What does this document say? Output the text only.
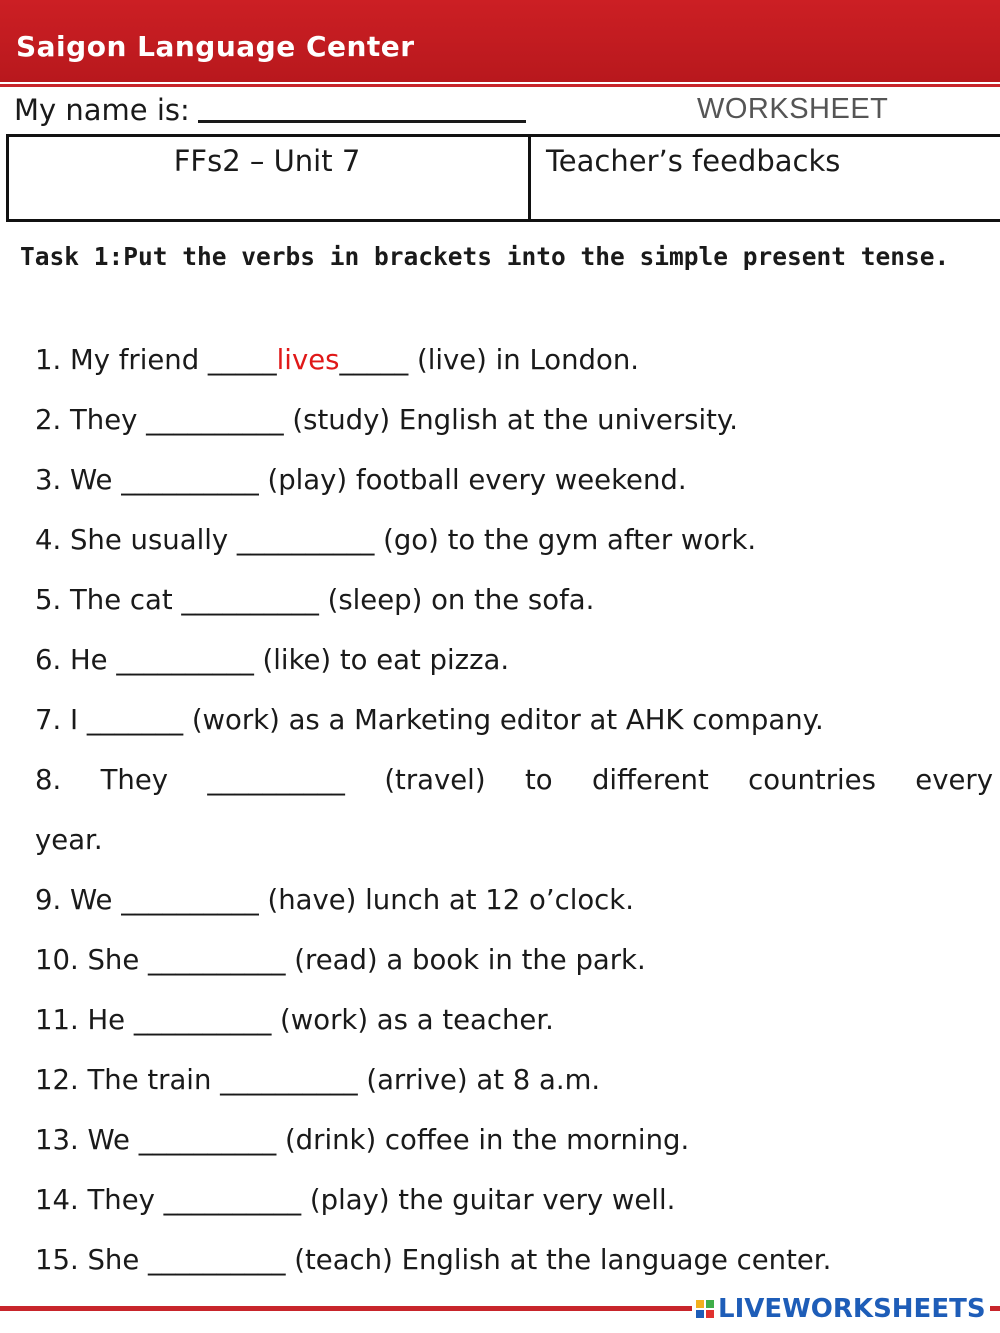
Saigon Language Center
My name is:	WORKSHEET
FFs2 – Unit 7	Teacher’s feedbacks
Task 1:Put the verbs in brackets into the simple present tense.
1. My friend _____lives_____ (live) in London.
2. They __________ (study) English at the university.
3. We __________ (play) football every weekend.
4. She usually __________ (go) to the gym after work.
5. The cat __________ (sleep) on the sofa.
6. He __________ (like) to eat pizza.
7. I _______ (work) as a Marketing editor at AHK company.
8. They __________ (travel) to different countries every
year.
9. We __________ (have) lunch at 12 o’clock.
10. She __________ (read) a book in the park.
11. He __________ (work) as a teacher.
12. The train __________ (arrive) at 8 a.m.
13. We __________ (drink) coffee in the morning.
14. They __________ (play) the guitar very well.
15. She __________ (teach) English at the language center.
LIVEWORKSHEETS
